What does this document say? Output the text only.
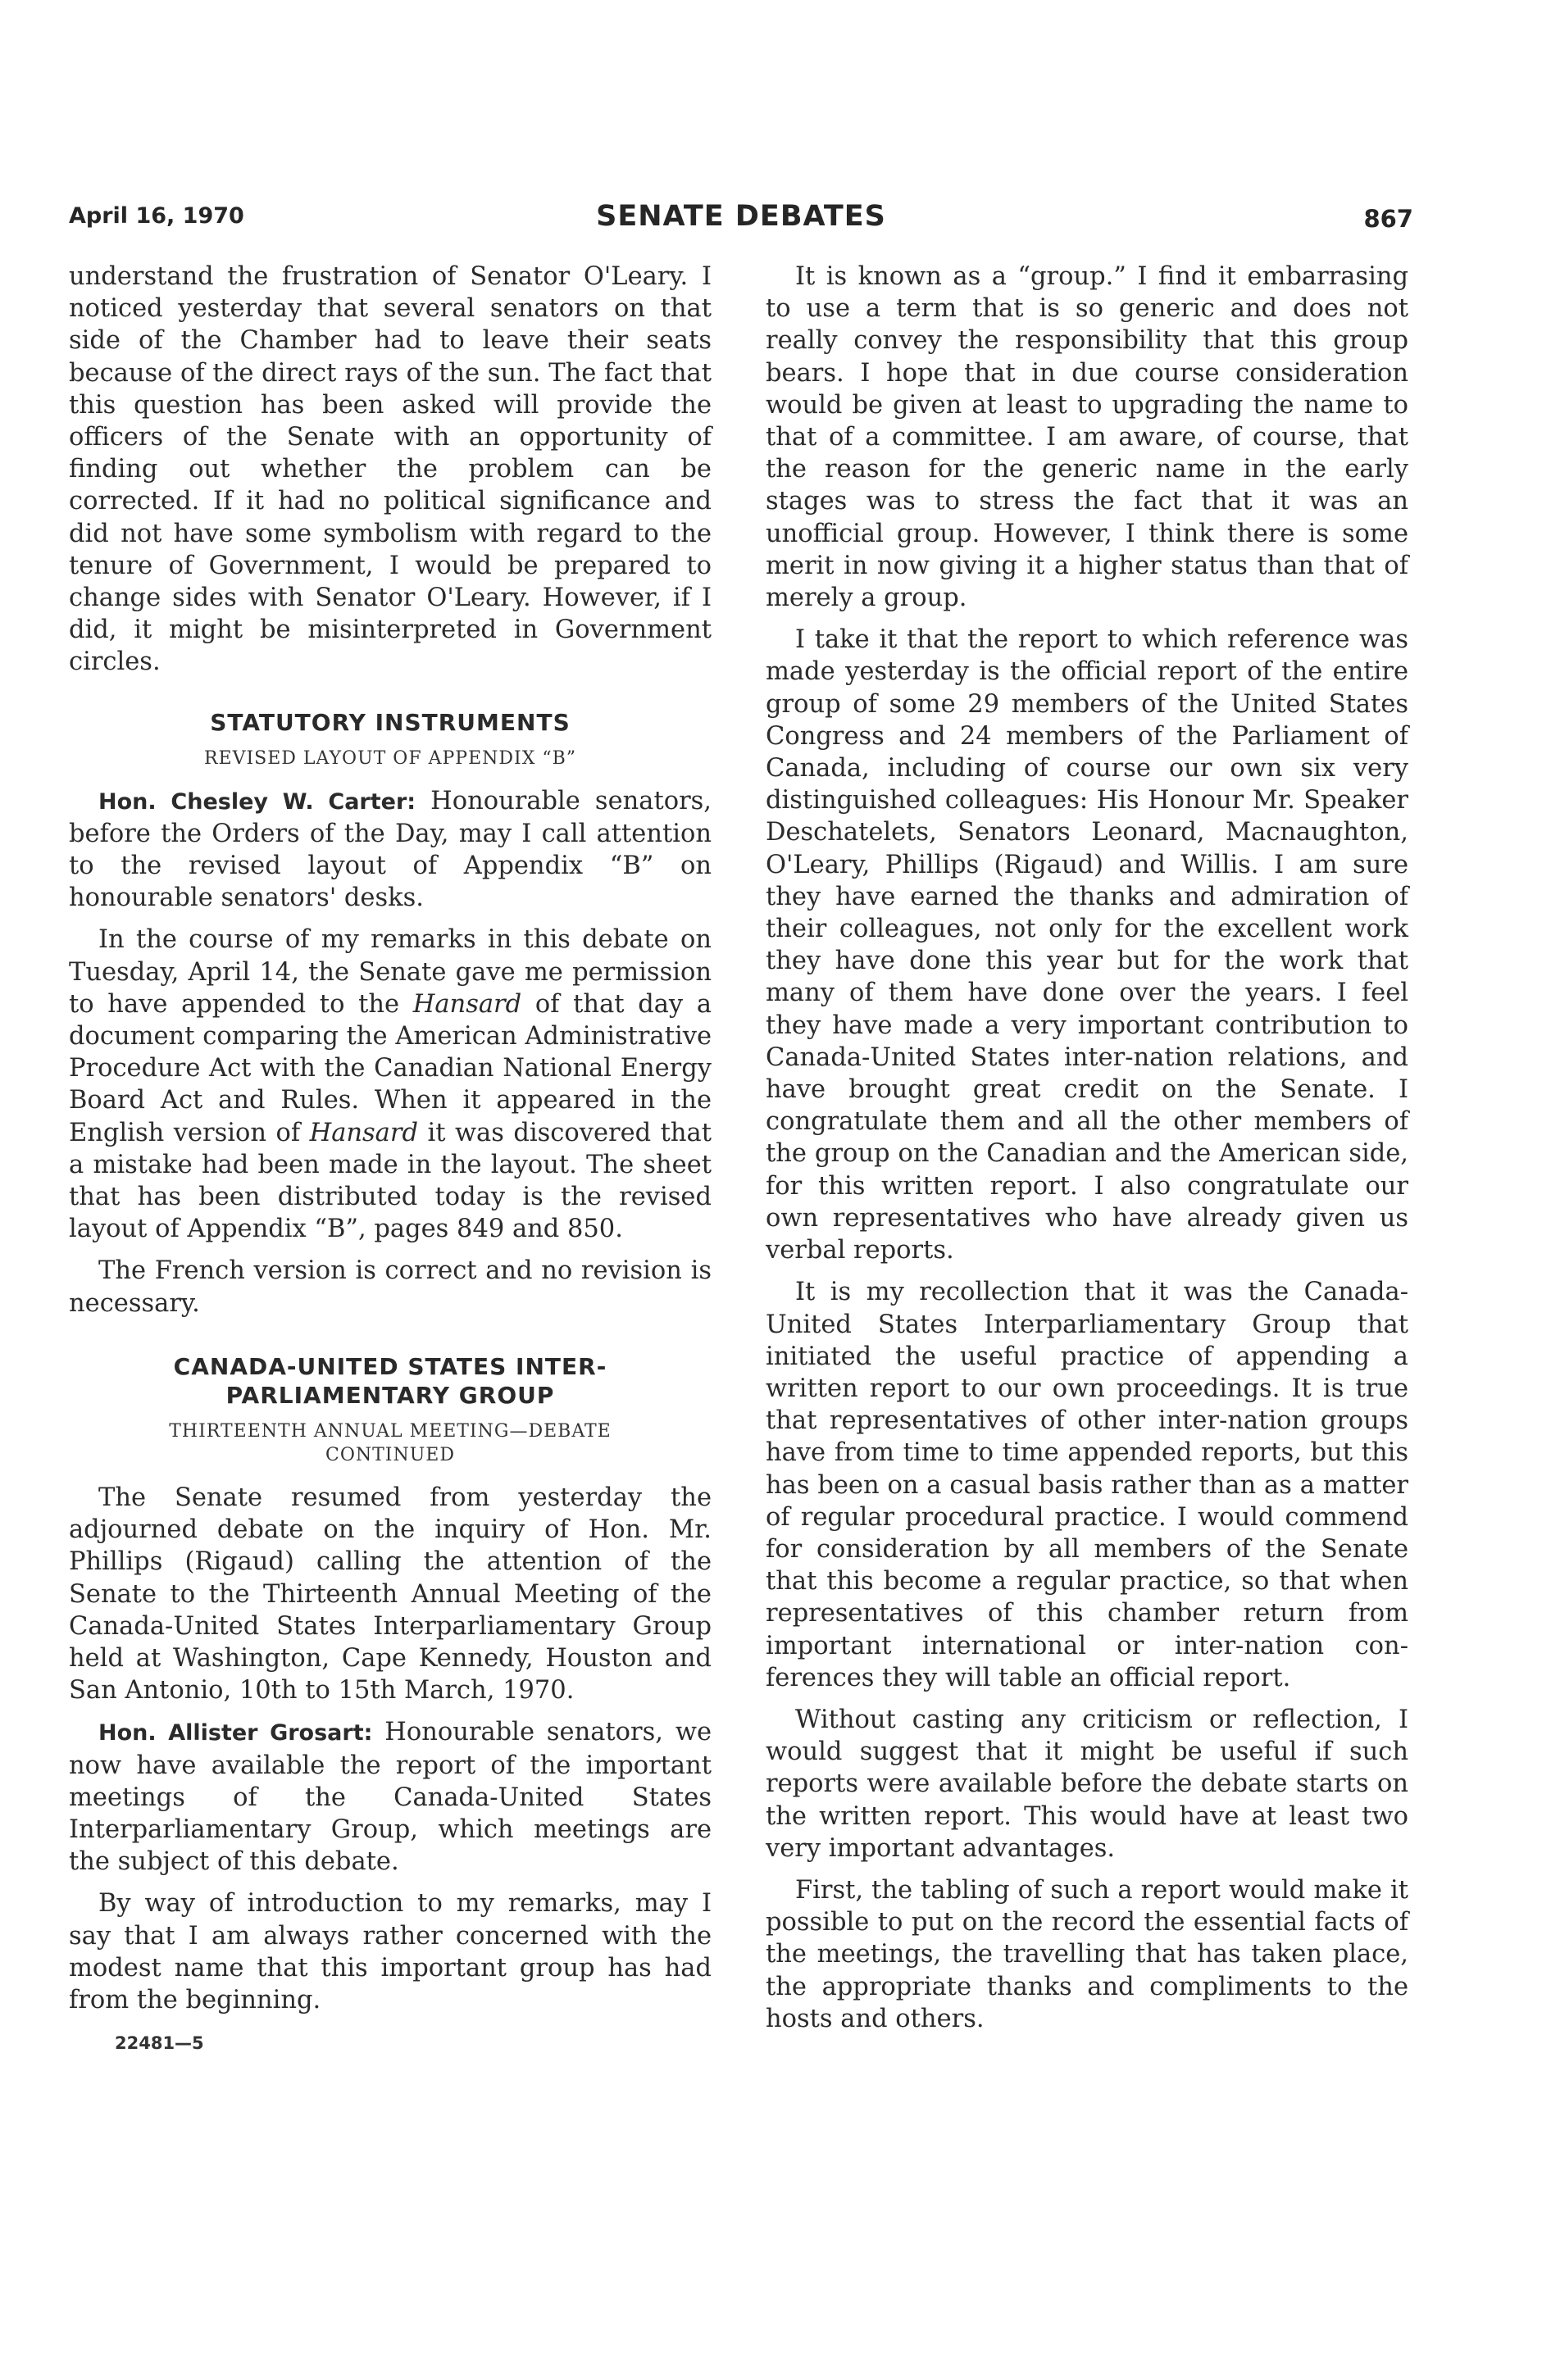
April 16, 1970	SENATE DEBATES	867

understand the frustration of Senator O'Leary. I noticed yesterday that several senators on that side of the Chamber had to leave their seats because of the direct rays of the sun. The fact that this question has been asked will provide the officers of the Senate with an opportunity of finding out whether the problem can be corrected. If it had no political significance and did not have some symbolism with regard to the tenure of Government, I would be prepared to change sides with Senator O'Leary. However, if I did, it might be misinterpreted in Government circles.

STATUTORY INSTRUMENTS
REVISED LAYOUT OF APPENDIX “B”

Hon. Chesley W. Carter: Honourable senators, before the Orders of the Day, may I call attention to the revised layout of Appendix “B” on honourable senators' desks.

In the course of my remarks in this debate on Tuesday, April 14, the Senate gave me permission to have appended to the Hansard of that day a document comparing the American Administrative Procedure Act with the Canadian National Energy Board Act and Rules. When it appeared in the English version of Hansard it was discovered that a mistake had been made in the layout. The sheet that has been distributed today is the revised layout of Appendix “B”, pages 849 and 850.

The French version is correct and no revision is necessary.

CANADA-UNITED STATES INTER-
PARLIAMENTARY GROUP
THIRTEENTH ANNUAL MEETING—DEBATE
CONTINUED

The Senate resumed from yesterday the adjourned debate on the inquiry of Hon. Mr. Phillips (Rigaud) calling the attention of the Senate to the Thirteenth Annual Meeting of the Canada-United States Interparliamentary Group held at Washington, Cape Kennedy, Houston and San Antonio, 10th to 15th March, 1970.

Hon. Allister Grosart: Honourable senators, we now have available the report of the important meetings of the Canada-United States Interparliamentary Group, which meetings are the subject of this debate.

By way of introduction to my remarks, may I say that I am always rather concerned with the modest name that this important group has had from the beginning.

22481—5

It is known as a “group.” I find it embarrasing to use a term that is so generic and does not really convey the responsibility that this group bears. I hope that in due course consideration would be given at least to upgrading the name to that of a committee. I am aware, of course, that the reason for the generic name in the early stages was to stress the fact that it was an unofficial group. However, I think there is some merit in now giving it a higher status than that of merely a group.

I take it that the report to which reference was made yesterday is the official report of the entire group of some 29 members of the United States Congress and 24 members of the Parliament of Canada, including of course our own six very distinguished colleagues: His Honour Mr. Speaker Deschatelets, Senators Leonard, Macnaughton, O'Leary, Phillips (Rigaud) and Willis. I am sure they have earned the thanks and admiration of their colleagues, not only for the excellent work they have done this year but for the work that many of them have done over the years. I feel they have made a very important contribution to Canada-United States inter-nation relations, and have brought great credit on the Senate. I congratulate them and all the other members of the group on the Canadian and the American side, for this written report. I also congratulate our own representatives who have already given us verbal reports.

It is my recollection that it was the Canada-United States Interparliamentary Group that initiated the useful practice of appending a written report to our own proceedings. It is true that representatives of other inter-nation groups have from time to time appended reports, but this has been on a casual basis rather than as a matter of regular procedural practice. I would commend for consideration by all members of the Senate that this become a regular practice, so that when representatives of this chamber return from important international or inter-nation conferences they will table an official report.

Without casting any criticism or reflection, I would suggest that it might be useful if such reports were available before the debate starts on the written report. This would have at least two very important advantages.

First, the tabling of such a report would make it possible to put on the record the essential facts of the meetings, the travelling that has taken place, the appropriate thanks and compliments to the hosts and others.
